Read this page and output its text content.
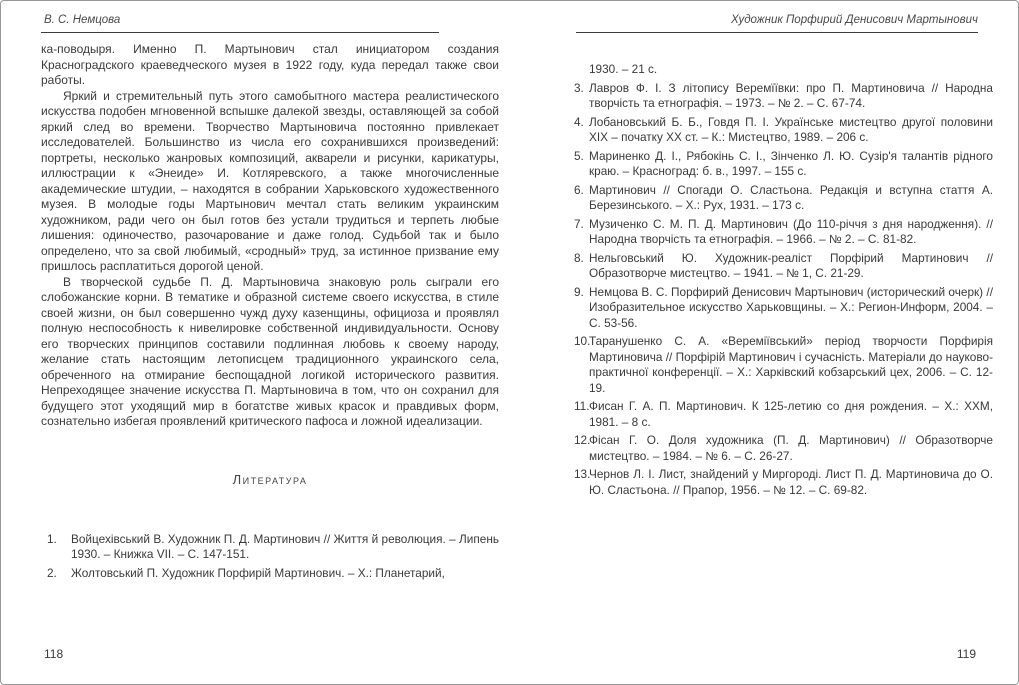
В. С. Немцова

ка-поводыря. Именно П. Мартынович стал инициатором создания Красноградского краеведческого музея в 1922 году, куда передал также свои работы.

Яркий и стремительный путь этого самобытного мастера реалистического искусства подобен мгновенной вспышке далекой звезды, оставляющей за собой яркий след во времени. Творчество Мартыновича постоянно привлекает исследователей. Большинство из числа его сохранившихся произведений: портреты, несколько жанровых композиций, акварели и рисунки, карикатуры, иллюстрации к «Энеиде» И. Котляревского, а также многочисленные академические штудии, – находятся в собрании Харьковского художественного музея. В молодые годы Мартынович мечтал стать великим украинским художником, ради чего он был готов без устали трудиться и терпеть любые лишения: одиночество, разочарование и даже голод. Судьбой так и было определено, что за свой любимый, «сродный» труд, за истинное призвание ему пришлось расплатиться дорогой ценой.

В творческой судьбе П. Д. Мартыновича знаковую роль сыграли его слобожанские корни. В тематике и образной системе своего искусства, в стиле своей жизни, он был совершенно чужд духу казенщины, официоза и проявлял полную неспособность к нивелировке собственной индивидуальности. Основу его творческих принципов составили подлинная любовь к своему народу, желание стать настоящим летописцем традиционного украинского села, обреченного на отмирание беспощадной логикой исторического развития. Непреходящее значение искусства П. Мартыновича в том, что он сохранил для будущего этот уходящий мир в богатстве живых красок и правдивых форм, сознательно избегая проявлений критического пафоса и ложной идеализации.

Литература
1. Войцехівський В. Художник П. Д. Мартинович // Життя й революция. – Липень 1930. – Книжка VII. – С. 147-151.
2. Жолтовський П. Художник Порфирій Мартинович. – Х.: Планетарий,
Художник Порфирий Денисович Мартынович
1930. – 21 с.
3. Лавров Ф. І. З літопису Веремїївки: про П. Мартиновича // Народна творчість та етнографія. – 1973. – № 2. – С. 67-74.
4. Лобановський Б. Б., Говдя П. І. Українське мистецтво другої половини XIX – початку XX ст. – К.: Мистецтво, 1989. – 206 с.
5. Мариненко Д. І., Рябокінь С. І., Зінченко Л. Ю. Сузір'я талантів рідного краю. – Красноград: б. в., 1997. – 155 с.
6. Мартинович // Спогади О. Сластьона. Редакція и вступна стаття А. Березинського. – Х.: Рух, 1931. – 173 с.
7. Музиченко С. М. П. Д. Мартинович (До 110-річчя з дня народження). // Народна творчість та етнографія. – 1966. – № 2. – С. 81-82.
8. Нельговський Ю. Художник-реаліст Порфірий Мартинович // Образотворче мистецтво. – 1941. – № 1, С. 21-29.
9. Немцова В. С. Порфирий Денисович Мартынович (исторический очерк) // Изобразительное искусство Харьковщины. – Х.: Регион-Информ, 2004. – С. 53-56.
10.
Таранушенко С. А. «Вереміївський» період творчости Порфирія Мартиновича // Порфірій Мартинович і сучасність. Матеріали до науково-практичної конференції. – Х.: Харківский кобзарський цех, 2006. – С. 12-19.
11. Фисан Г. А. П. Мартинович. К 125-летию со дня рождения. – Х.: ХХМ, 1981. – 8 с.
12.
Фісан Г. О. Доля художника (П. Д. Мартинович) // Образотворче мистецтво. – 1984. – № 6. – С. 26-27.
13.
Чернов Л. І. Лист, знайдений у Миргороді. Лист П. Д. Мартиновича до О. Ю. Сластьона. // Прапор, 1956. – № 12. – С. 69-82.
118	119
